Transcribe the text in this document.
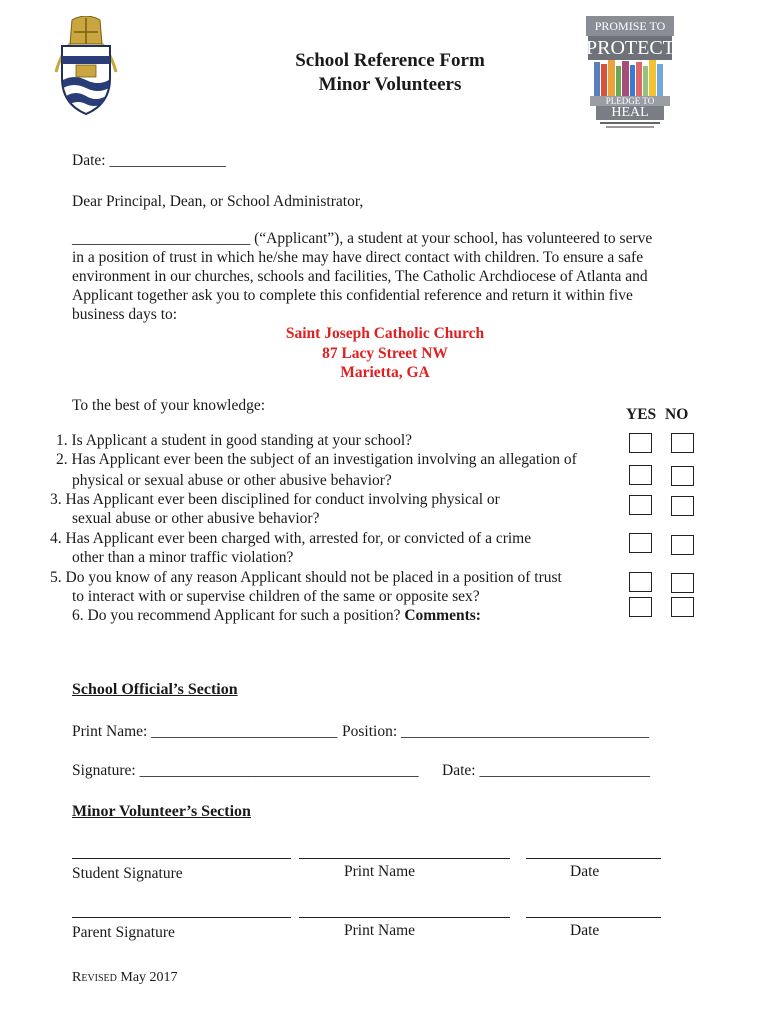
School Reference Form
Minor Volunteers
PROMISE TO
PROTECT
PLEDGE TO
HEAL
Date: _______________
Dear Principal, Dean, or School Administrator,
_______________________ (“Applicant”), a student at your school, has volunteered to serve
in a position of trust in which he/she may have direct contact with children. To ensure a safe
environment in our churches, schools and facilities, The Catholic Archdiocese of Atlanta and
Applicant together ask you to complete this confidential reference and return it within five
business days to:
Saint Joseph Catholic Church
87 Lacy Street NW
Marietta, GA
To the best of your knowledge:
YES NO
1. Is Applicant a student in good standing at your school?
2. Has Applicant ever been the subject of an investigation involving an allegation of
physical or sexual abuse or other abusive behavior?
3. Has Applicant ever been disciplined for conduct involving physical or
sexual abuse or other abusive behavior?
4. Has Applicant ever been charged with, arrested for, or convicted of a crime
other than a minor traffic violation?
5. Do you know of any reason Applicant should not be placed in a position of trust
to interact with or supervise children of the same or opposite sex?
6. Do you recommend Applicant for such a position? Comments:
School Official’s Section
Print Name: ________________________ Position: ________________________________
Signature: ____________________________________ Date: ______________________
Minor Volunteer’s Section
Student Signature	Print Name	Date
Parent Signature	Print Name	Date
Revised May 2017
